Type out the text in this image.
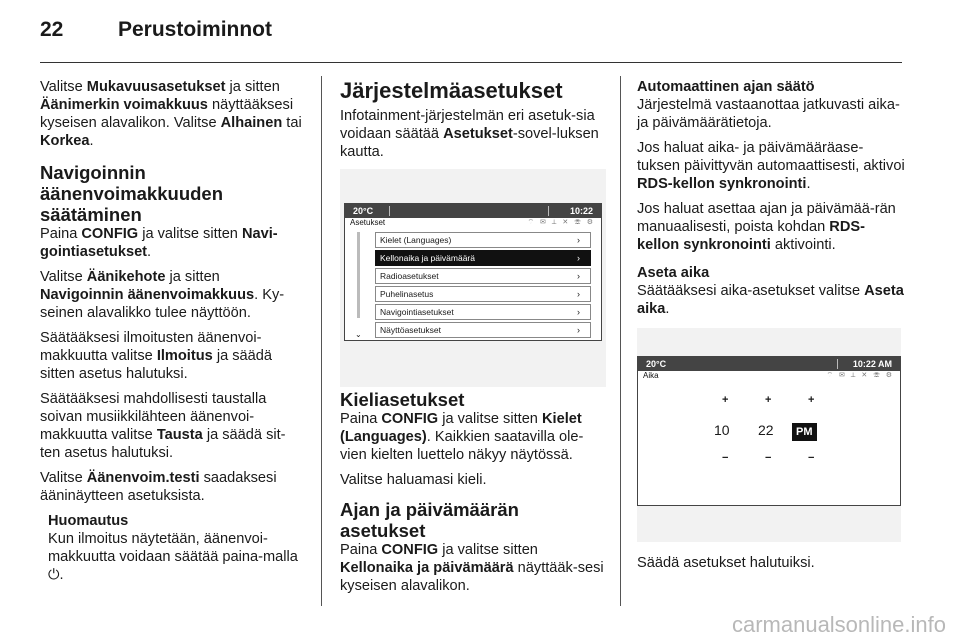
22	Perustoiminnot

Valitse Mukavuusasetukset ja sitten Äänimerkin voimakkuus näyttääksesi kyseisen alavalikon. Valitse Alhainen tai Korkea.

Navigoinnin äänenvoimakkuuden säätäminen

Paina CONFIG ja valitse sitten Navi-gointiasetukset.

Valitse Äänikehote ja sitten Navigoinnin äänenvoimakkuus. Ky-seinen alavalikko tulee näyttöön.

Säätääksesi ilmoitusten äänenvoi-makkuutta valitse Ilmoitus ja säädä sitten asetus halutuksi.

Säätääksesi mahdollisesti taustalla soivan musiikkilähteen äänenvoi-makkuutta valitse Tausta ja säädä sit-ten asetus halutuksi.

Valitse Äänenvoim.testi saadaksesi ääninäytteen asetuksista.

Huomautus
Kun ilmoitus näytetään, äänenvoi-makkuutta voidaan säätää paina-malla ⏻.
Järjestelmäasetukset

Infotainment-järjestelmän eri asetuk-sia voidaan säätää Asetukset-sovel-luksen kautta.

20°C	10:22
Asetukset	⌔ ✉ ⟂ ✕ ☏ ⚙
⌄
Kielet (Languages)	›
Kellonaika ja päivämäärä	›
Radioasetukset	›
Puhelinasetus	›
Navigointiasetukset	›
Näyttöasetukset	›
Kieliasetukset

Paina CONFIG ja valitse sitten Kielet (Languages). Kaikkien saatavilla ole-vien kielten luettelo näkyy näytössä.

Valitse haluamasi kieli.

Ajan ja päivämäärän asetukset

Paina CONFIG ja valitse sitten Kellonaika ja päivämäärä näyttääk-sesi kyseisen alavalikon.

Automaattinen ajan säätö

Järjestelmä vastaanottaa jatkuvasti aika- ja päivämäärätietoja.

Jos haluat aika- ja päivämääräase-tuksen päivittyvän automaattisesti, aktivoi RDS-kellon synkronointi.

Jos haluat asettaa ajan ja päivämää-rän manuaalisesti, poista kohdan RDS-kellon synkronointi aktivointi.

Aseta aika

Säätääksesi aika-asetukset valitse Aseta aika.

20°C	10:22 AM
Aika	⌔ ✉ ⟂ ✕ ☏ ⚙
+	+	+
10 22	PM
−	−	−

Säädä asetukset halutuiksi.

carmanualsonline.info
